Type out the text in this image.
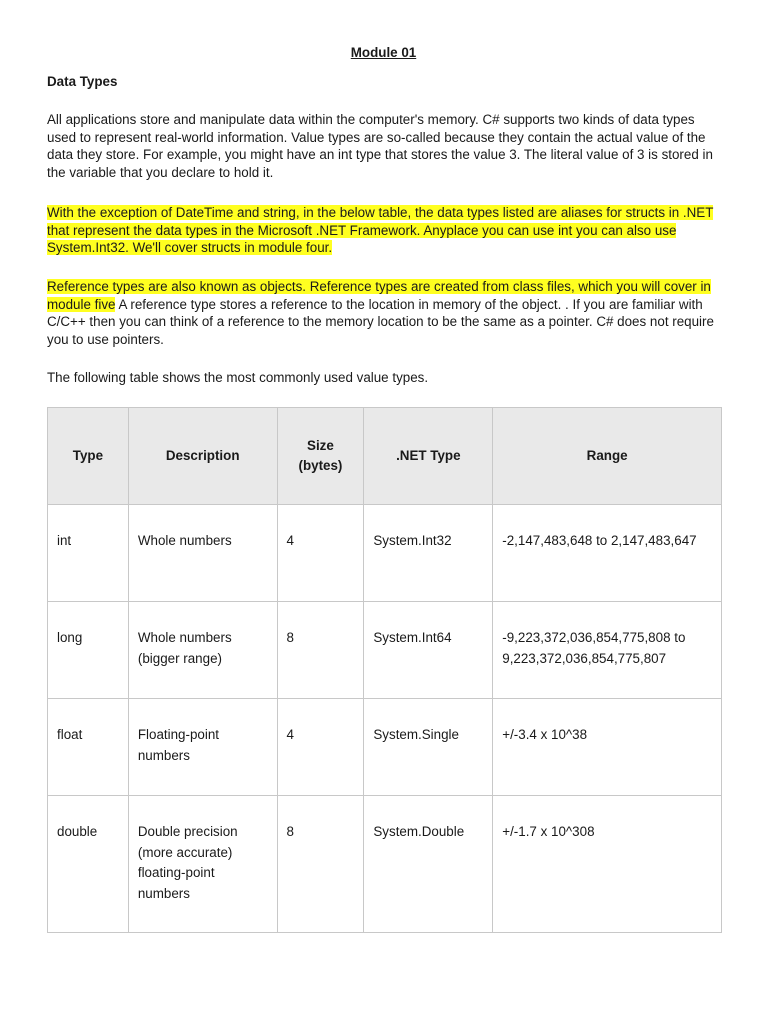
Module 01
Data Types

All applications store and manipulate data within the computer's memory. C# supports two kinds of data types used to represent real-world information. Value types are so-called because they contain the actual value of the data they store. For example, you might have an int type that stores the value 3. The literal value of 3 is stored in the variable that you declare to hold it.

With the exception of DateTime and string, in the below table, the data types listed are aliases for structs in .NET that represent the data types in the Microsoft .NET Framework. Anyplace you can use int you can also use System.Int32. We'll cover structs in module four.

Reference types are also known as objects. Reference types are created from class files, which you will cover in module five A reference type stores a reference to the location in memory of the object. . If you are familiar with C/C++ then you can think of a reference to the memory location to be the same as a pointer. C# does not require you to use pointers.

The following table shows the most commonly used value types.

Type	Description	Size (bytes)	.NET Type	Range
int	Whole numbers	4	System.Int32	-2,147,483,648 to 2,147,483,647
long	Whole numbers (bigger range)	8	System.Int64	-9,223,372,036,854,775,808 to 9,223,372,036,854,775,807
float	Floating-point numbers	4	System.Single	+/-3.4 x 10^38
double	Double precision (more accurate) floating-point numbers	8	System.Double	+/-1.7 x 10^308
